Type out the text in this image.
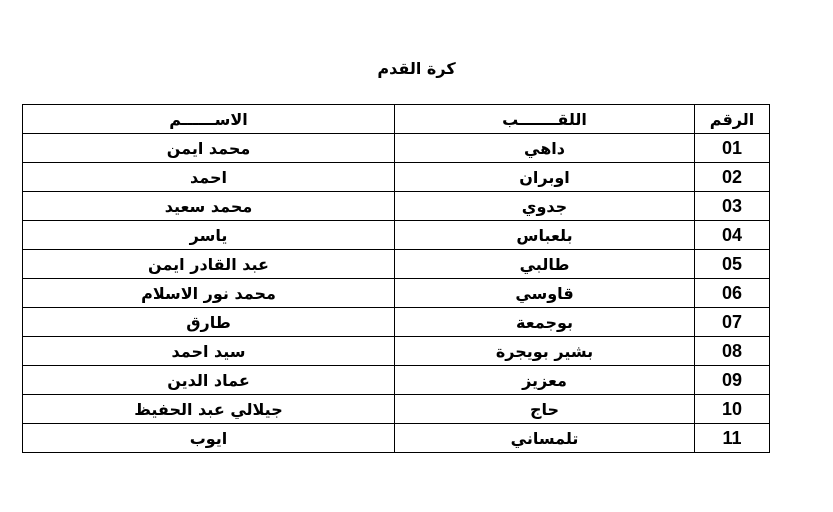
كرة القدم
الرقم	اللقـــــــب	الاســــــم
01	داهي	محمد ايمن
02	اوبران	احمد
03	جدوي	محمد سعيد
04	بلعباس	ياسر
05	طالبي	عبد القادر ايمن
06	قاوسي	محمد نور الاسلام
07	بوجمعة	طارق
08	بشير بويجرة	سيد احمد
09	معزيز	عماد الدين
10	حاج	جيلالي عبد الحفيظ
11	تلمساني	ايوب
